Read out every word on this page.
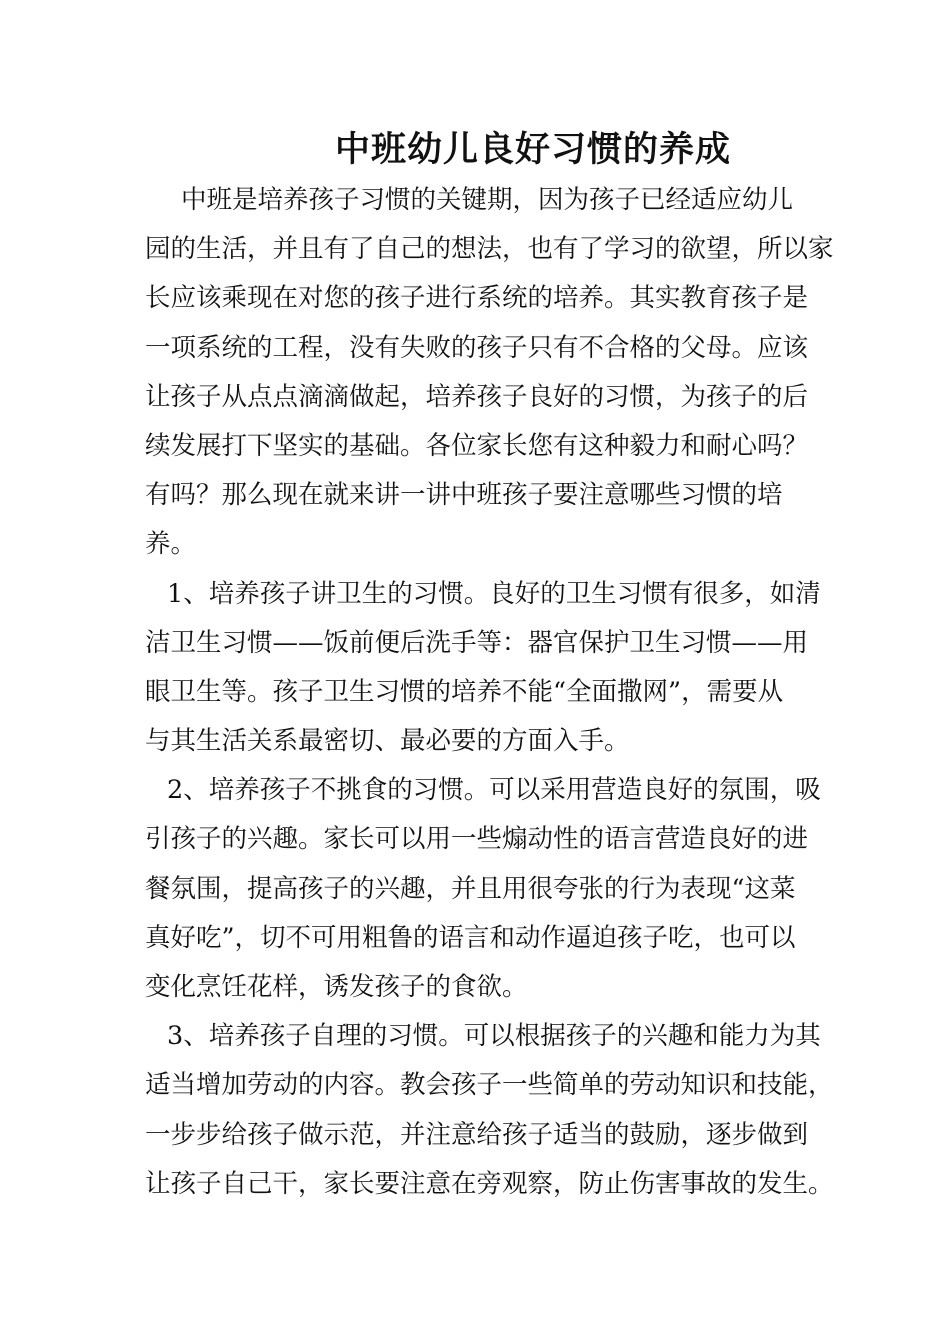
中班幼儿良好习惯的养成
中班是培养孩子习惯的关键期，因为孩子已经适应幼儿
园的生活，并且有了自己的想法，也有了学习的欲望，所以家
长应该乘现在对您的孩子进行系统的培养。其实教育孩子是
一项系统的工程，没有失败的孩子只有不合格的父母。应该
让孩子从点点滴滴做起，培养孩子良好的习惯，为孩子的后
续发展打下坚实的基础。各位家长您有这种毅力和耐心吗？
有吗？那么现在就来讲一讲中班孩子要注意哪些习惯的培
养。
1、培养孩子讲卫生的习惯。良好的卫生习惯有很多，如清
洁卫生习惯——饭前便后洗手等：器官保护卫生习惯——用
眼卫生等。孩子卫生习惯的培养不能“全面撒网”，需要从
与其生活关系最密切、最必要的方面入手。
2、培养孩子不挑食的习惯。可以采用营造良好的氛围，吸
引孩子的兴趣。家长可以用一些煽动性的语言营造良好的进
餐氛围，提高孩子的兴趣，并且用很夸张的行为表现“这菜
真好吃”，切不可用粗鲁的语言和动作逼迫孩子吃，也可以
变化烹饪花样，诱发孩子的食欲。
3、培养孩子自理的习惯。可以根据孩子的兴趣和能力为其
适当增加劳动的内容。教会孩子一些简单的劳动知识和技能，
一步步给孩子做示范，并注意给孩子适当的鼓励，逐步做到
让孩子自己干，家长要注意在旁观察，防止伤害事故的发生。
